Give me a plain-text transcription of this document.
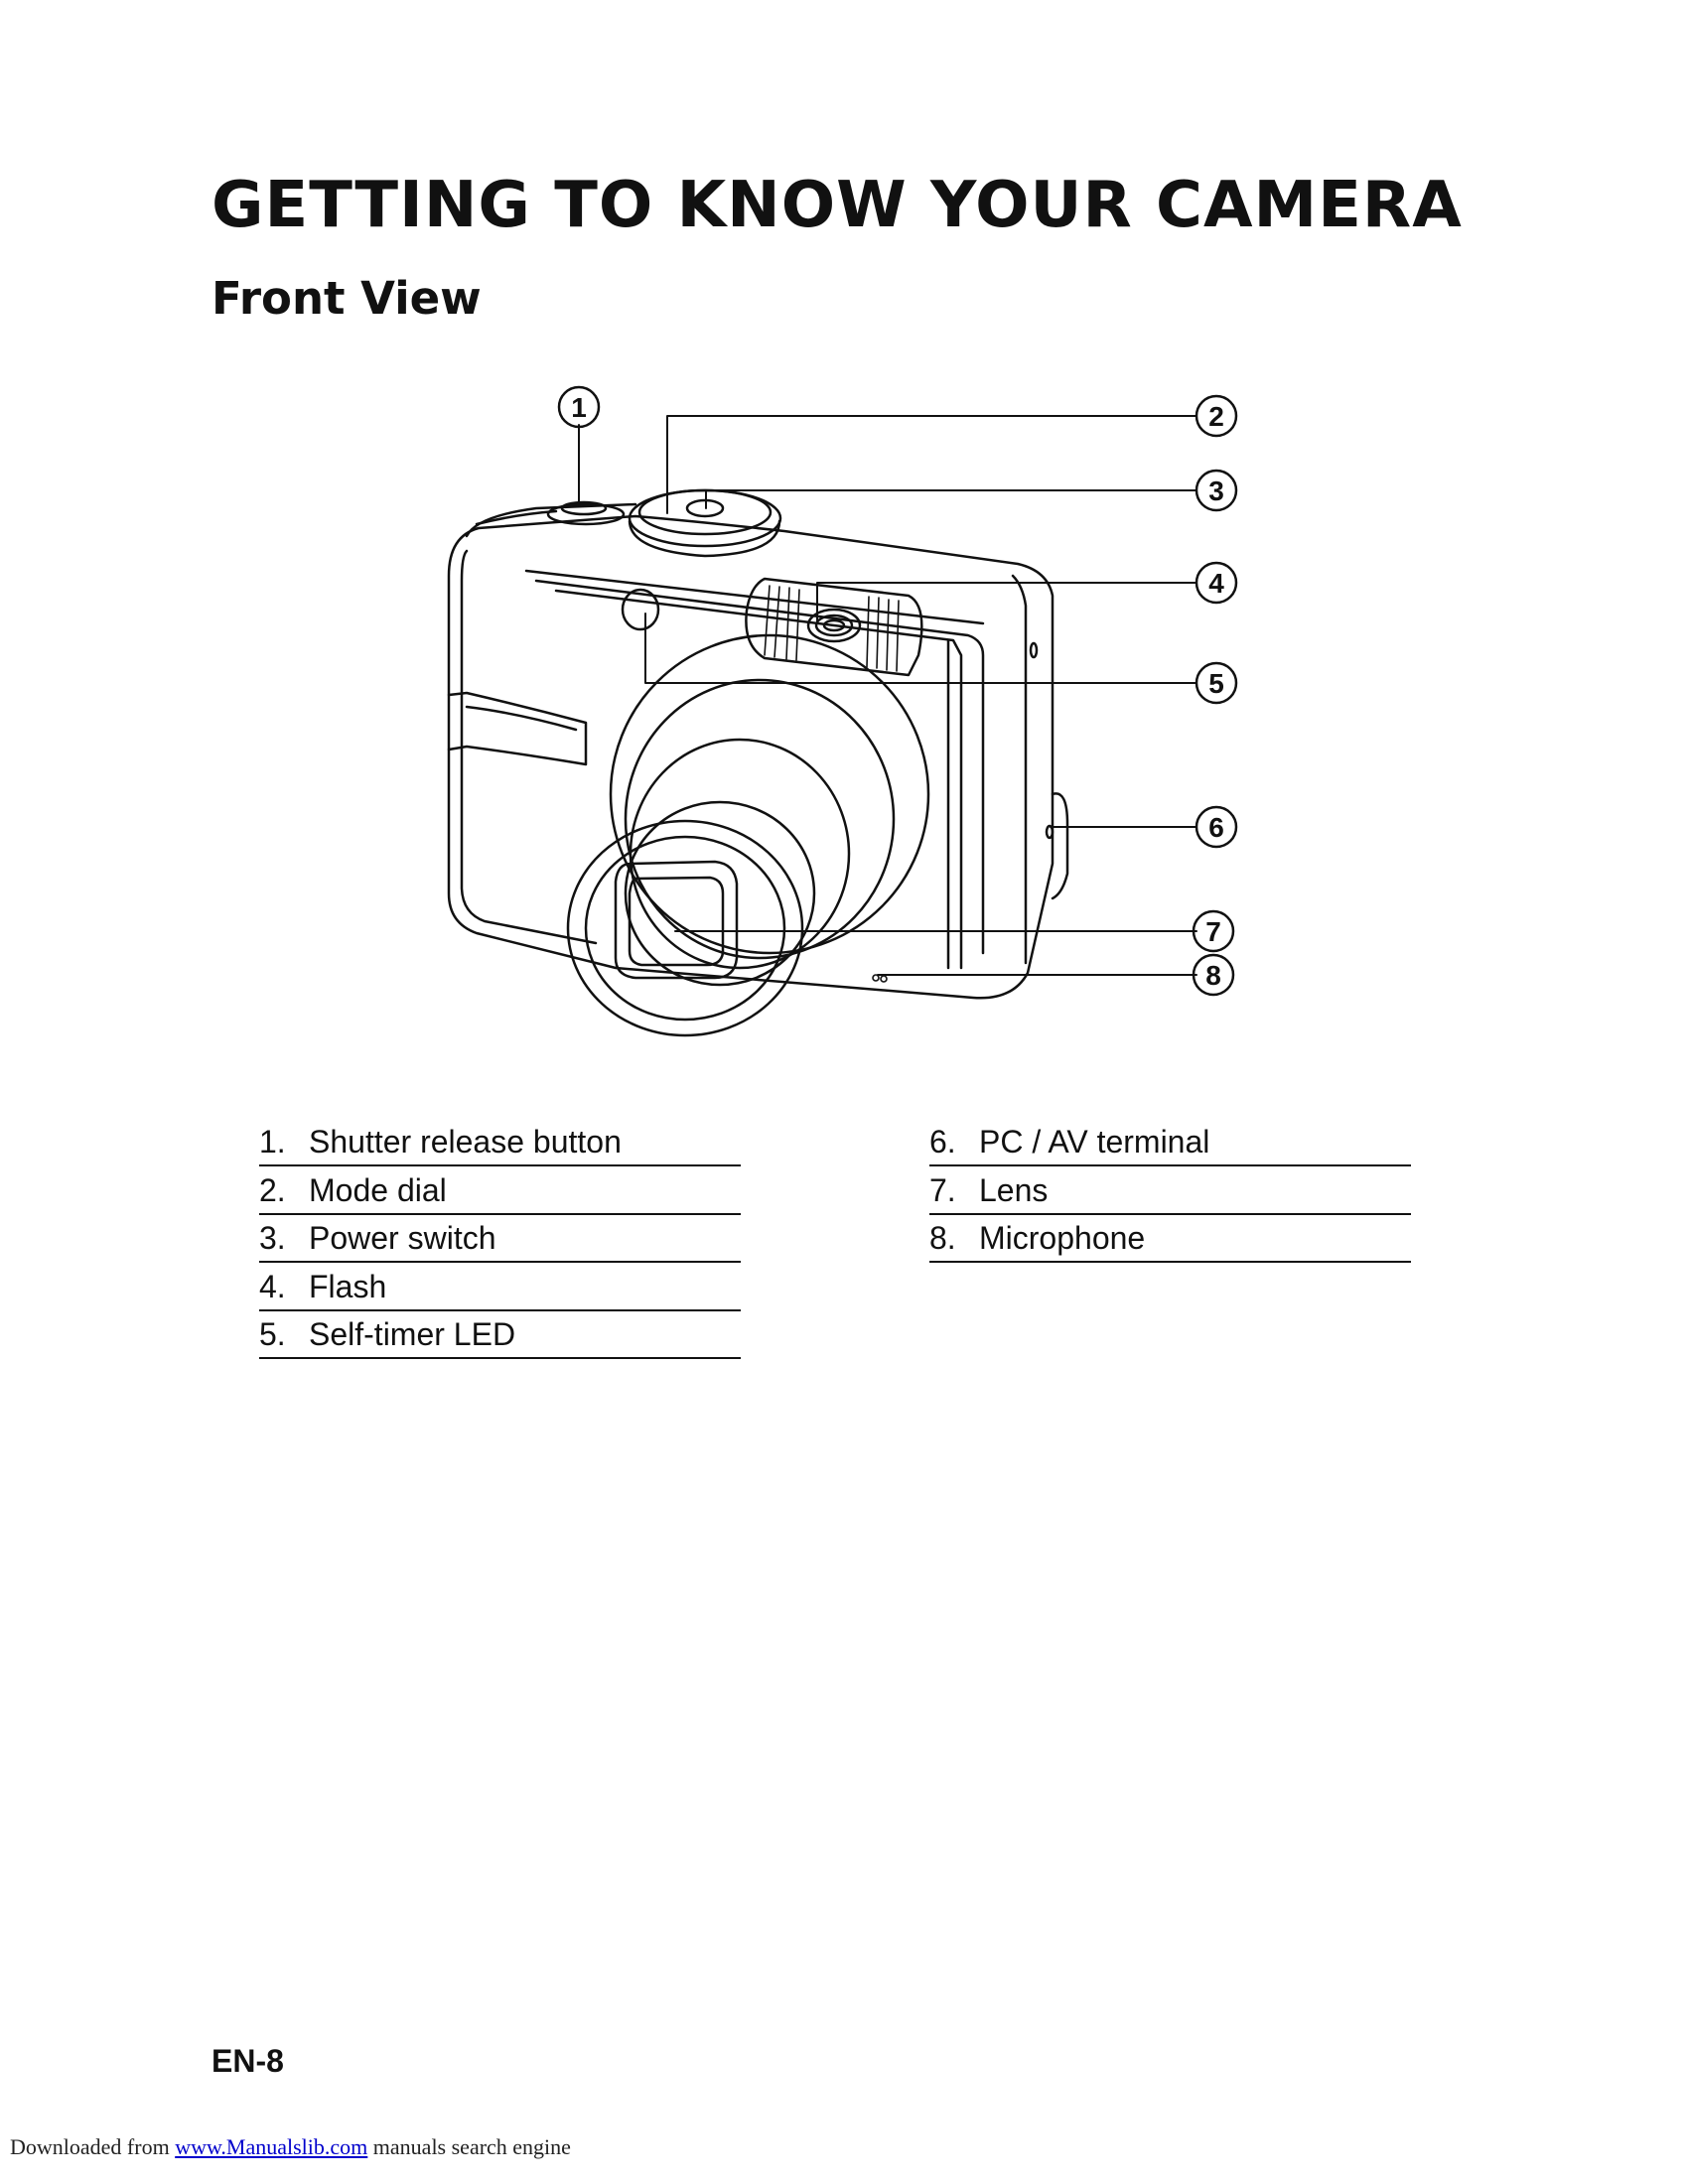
GETTING TO KNOW YOUR CAMERA
Front View
1	2
3
4
5
6
7
8
1. Shutter release button
2. Mode dial
3. Power switch
4. Flash
5. Self-timer LED
6. PC / AV terminal
7. Lens
8. Microphone
EN-8
Downloaded from www.Manualslib.com manuals search engine
